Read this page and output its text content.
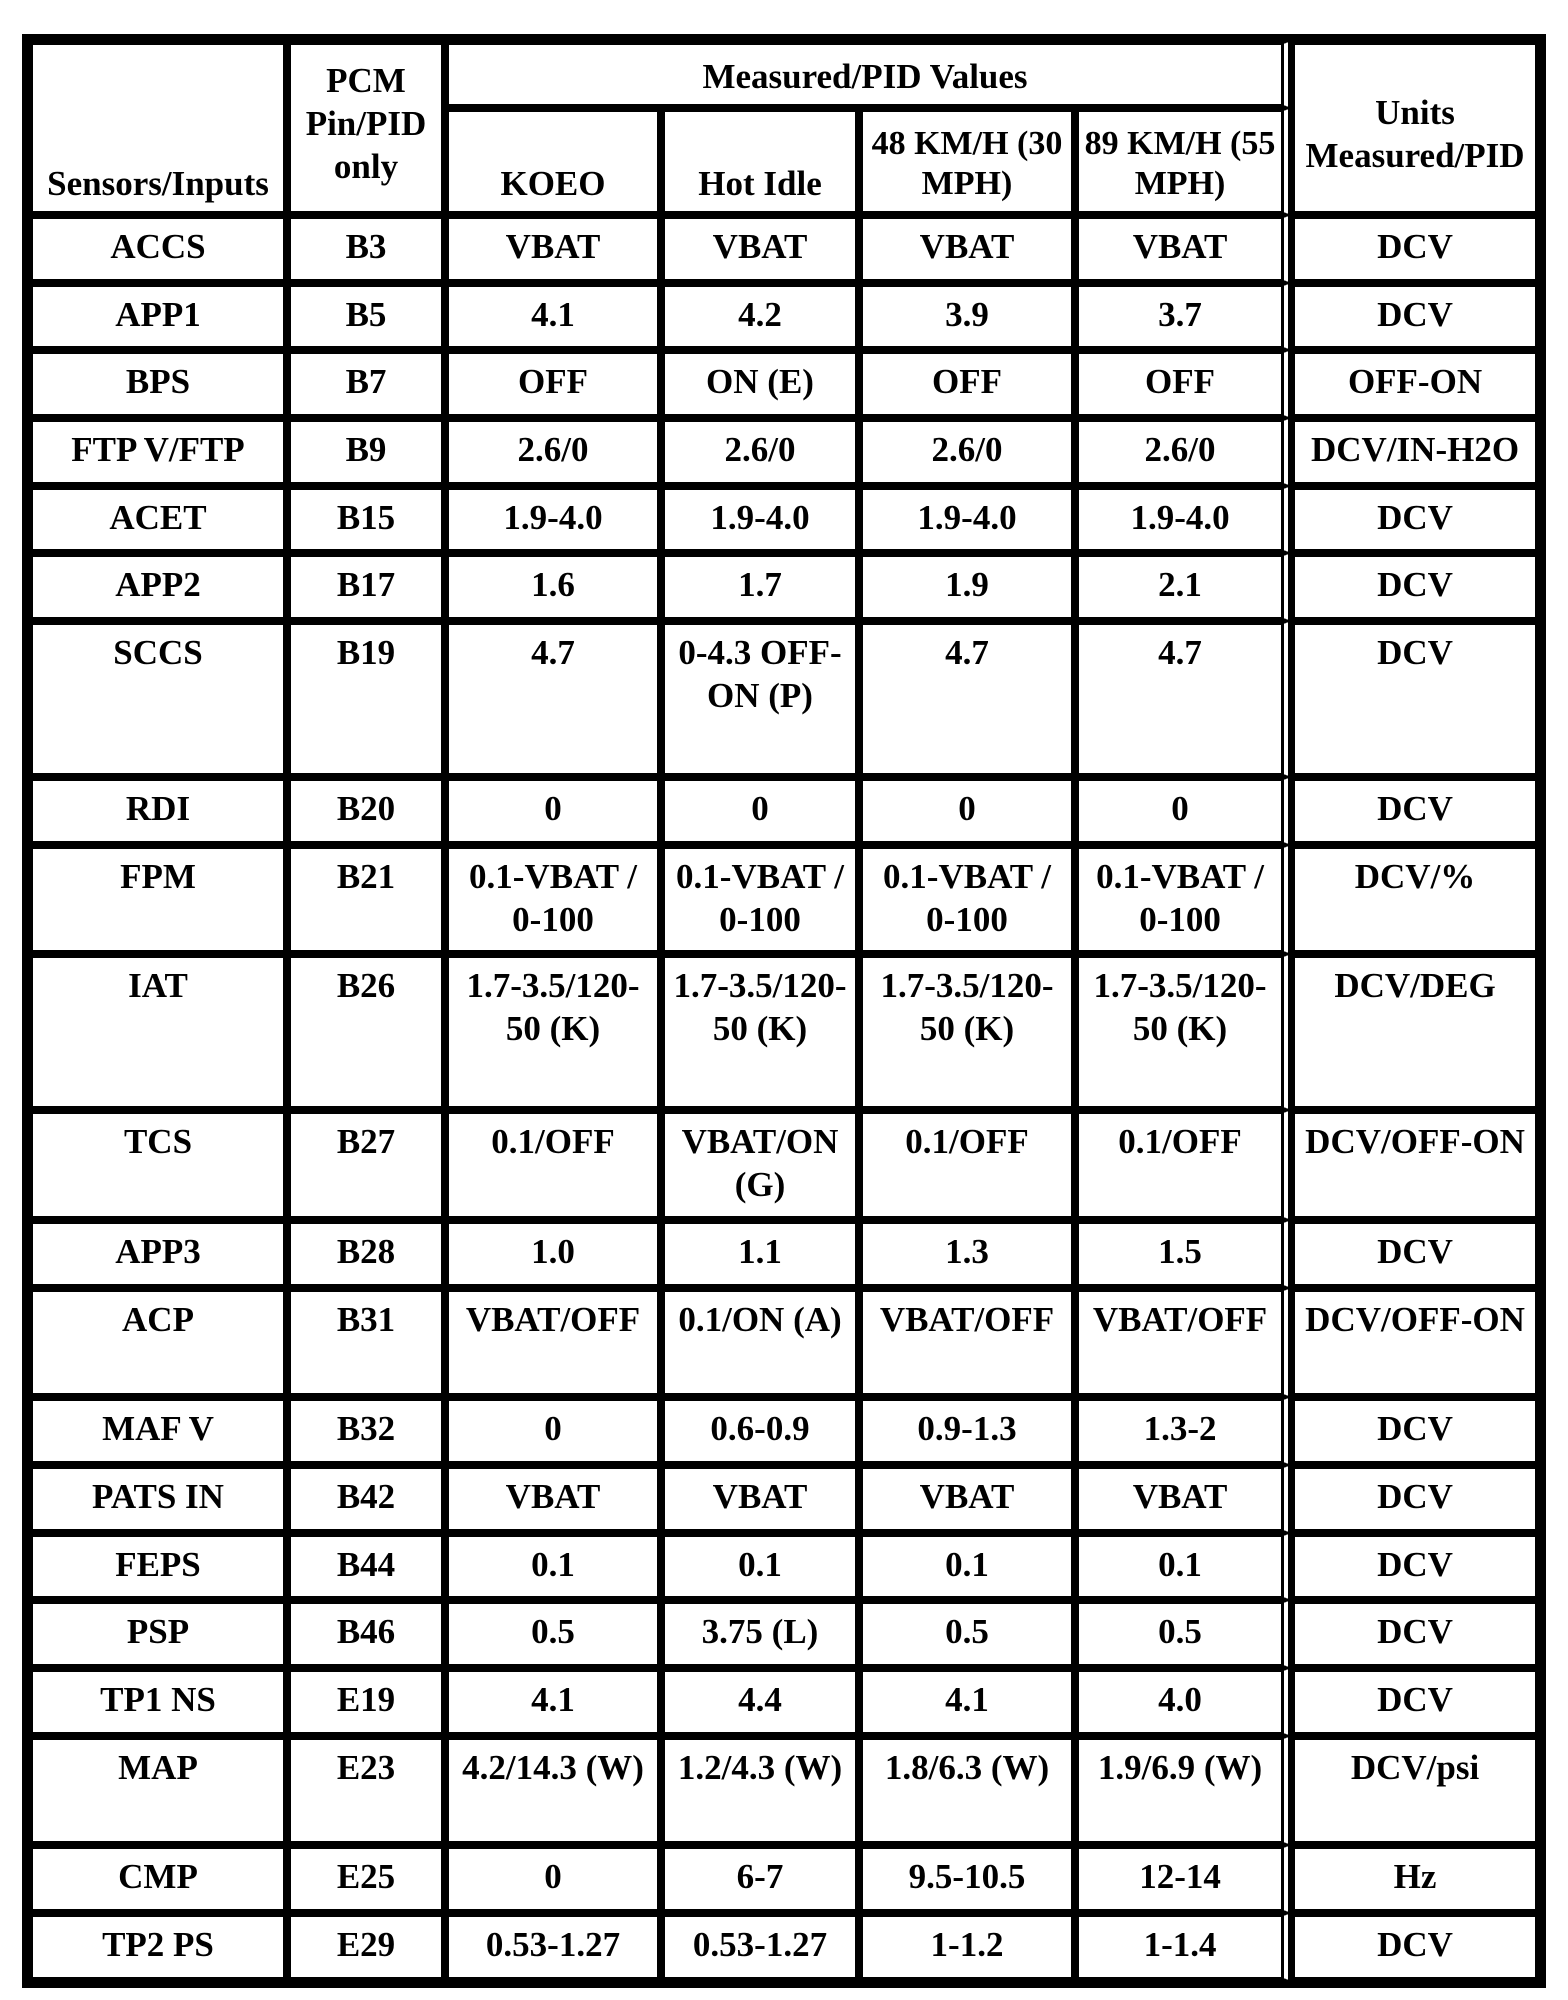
Sensors/Inputs	PCM Pin/PID only	Measured/PID Values				Units Measured/PID
		KOEO	Hot Idle	48 KM/H (30 MPH)	89 KM/H (55 MPH)	
ACCS	B3	VBAT	VBAT	VBAT	VBAT	DCV
APP1	B5	4.1	4.2	3.9	3.7	DCV
BPS	B7	OFF	ON (E)	OFF	OFF	OFF-ON
FTP V/FTP	B9	2.6/0	2.6/0	2.6/0	2.6/0	DCV/IN-H2O
ACET	B15	1.9-4.0	1.9-4.0	1.9-4.0	1.9-4.0	DCV
APP2	B17	1.6	1.7	1.9	2.1	DCV
SCCS	B19	4.7	0-4.3 OFF-ON (P)	4.7	4.7	DCV
RDI	B20	0	0	0	0	DCV
FPM	B21	0.1-VBAT / 0-100	0.1-VBAT / 0-100	0.1-VBAT / 0-100	0.1-VBAT / 0-100	DCV/%
IAT	B26	1.7-3.5/120-50 (K)	1.7-3.5/120-50 (K)	1.7-3.5/120-50 (K)	1.7-3.5/120-50 (K)	DCV/DEG
TCS	B27	0.1/OFF	VBAT/ON (G)	0.1/OFF	0.1/OFF	DCV/OFF-ON
APP3	B28	1.0	1.1	1.3	1.5	DCV
ACP	B31	VBAT/OFF	0.1/ON (A)	VBAT/OFF	VBAT/OFF	DCV/OFF-ON
MAF V	B32	0	0.6-0.9	0.9-1.3	1.3-2	DCV
PATS IN	B42	VBAT	VBAT	VBAT	VBAT	DCV
FEPS	B44	0.1	0.1	0.1	0.1	DCV
PSP	B46	0.5	3.75 (L)	0.5	0.5	DCV
TP1 NS	E19	4.1	4.4	4.1	4.0	DCV
MAP	E23	4.2/14.3 (W)	1.2/4.3 (W)	1.8/6.3 (W)	1.9/6.9 (W)	DCV/psi
CMP	E25	0	6-7	9.5-10.5	12-14	Hz
TP2 PS	E29	0.53-1.27	0.53-1.27	1-1.2	1-1.4	DCV
